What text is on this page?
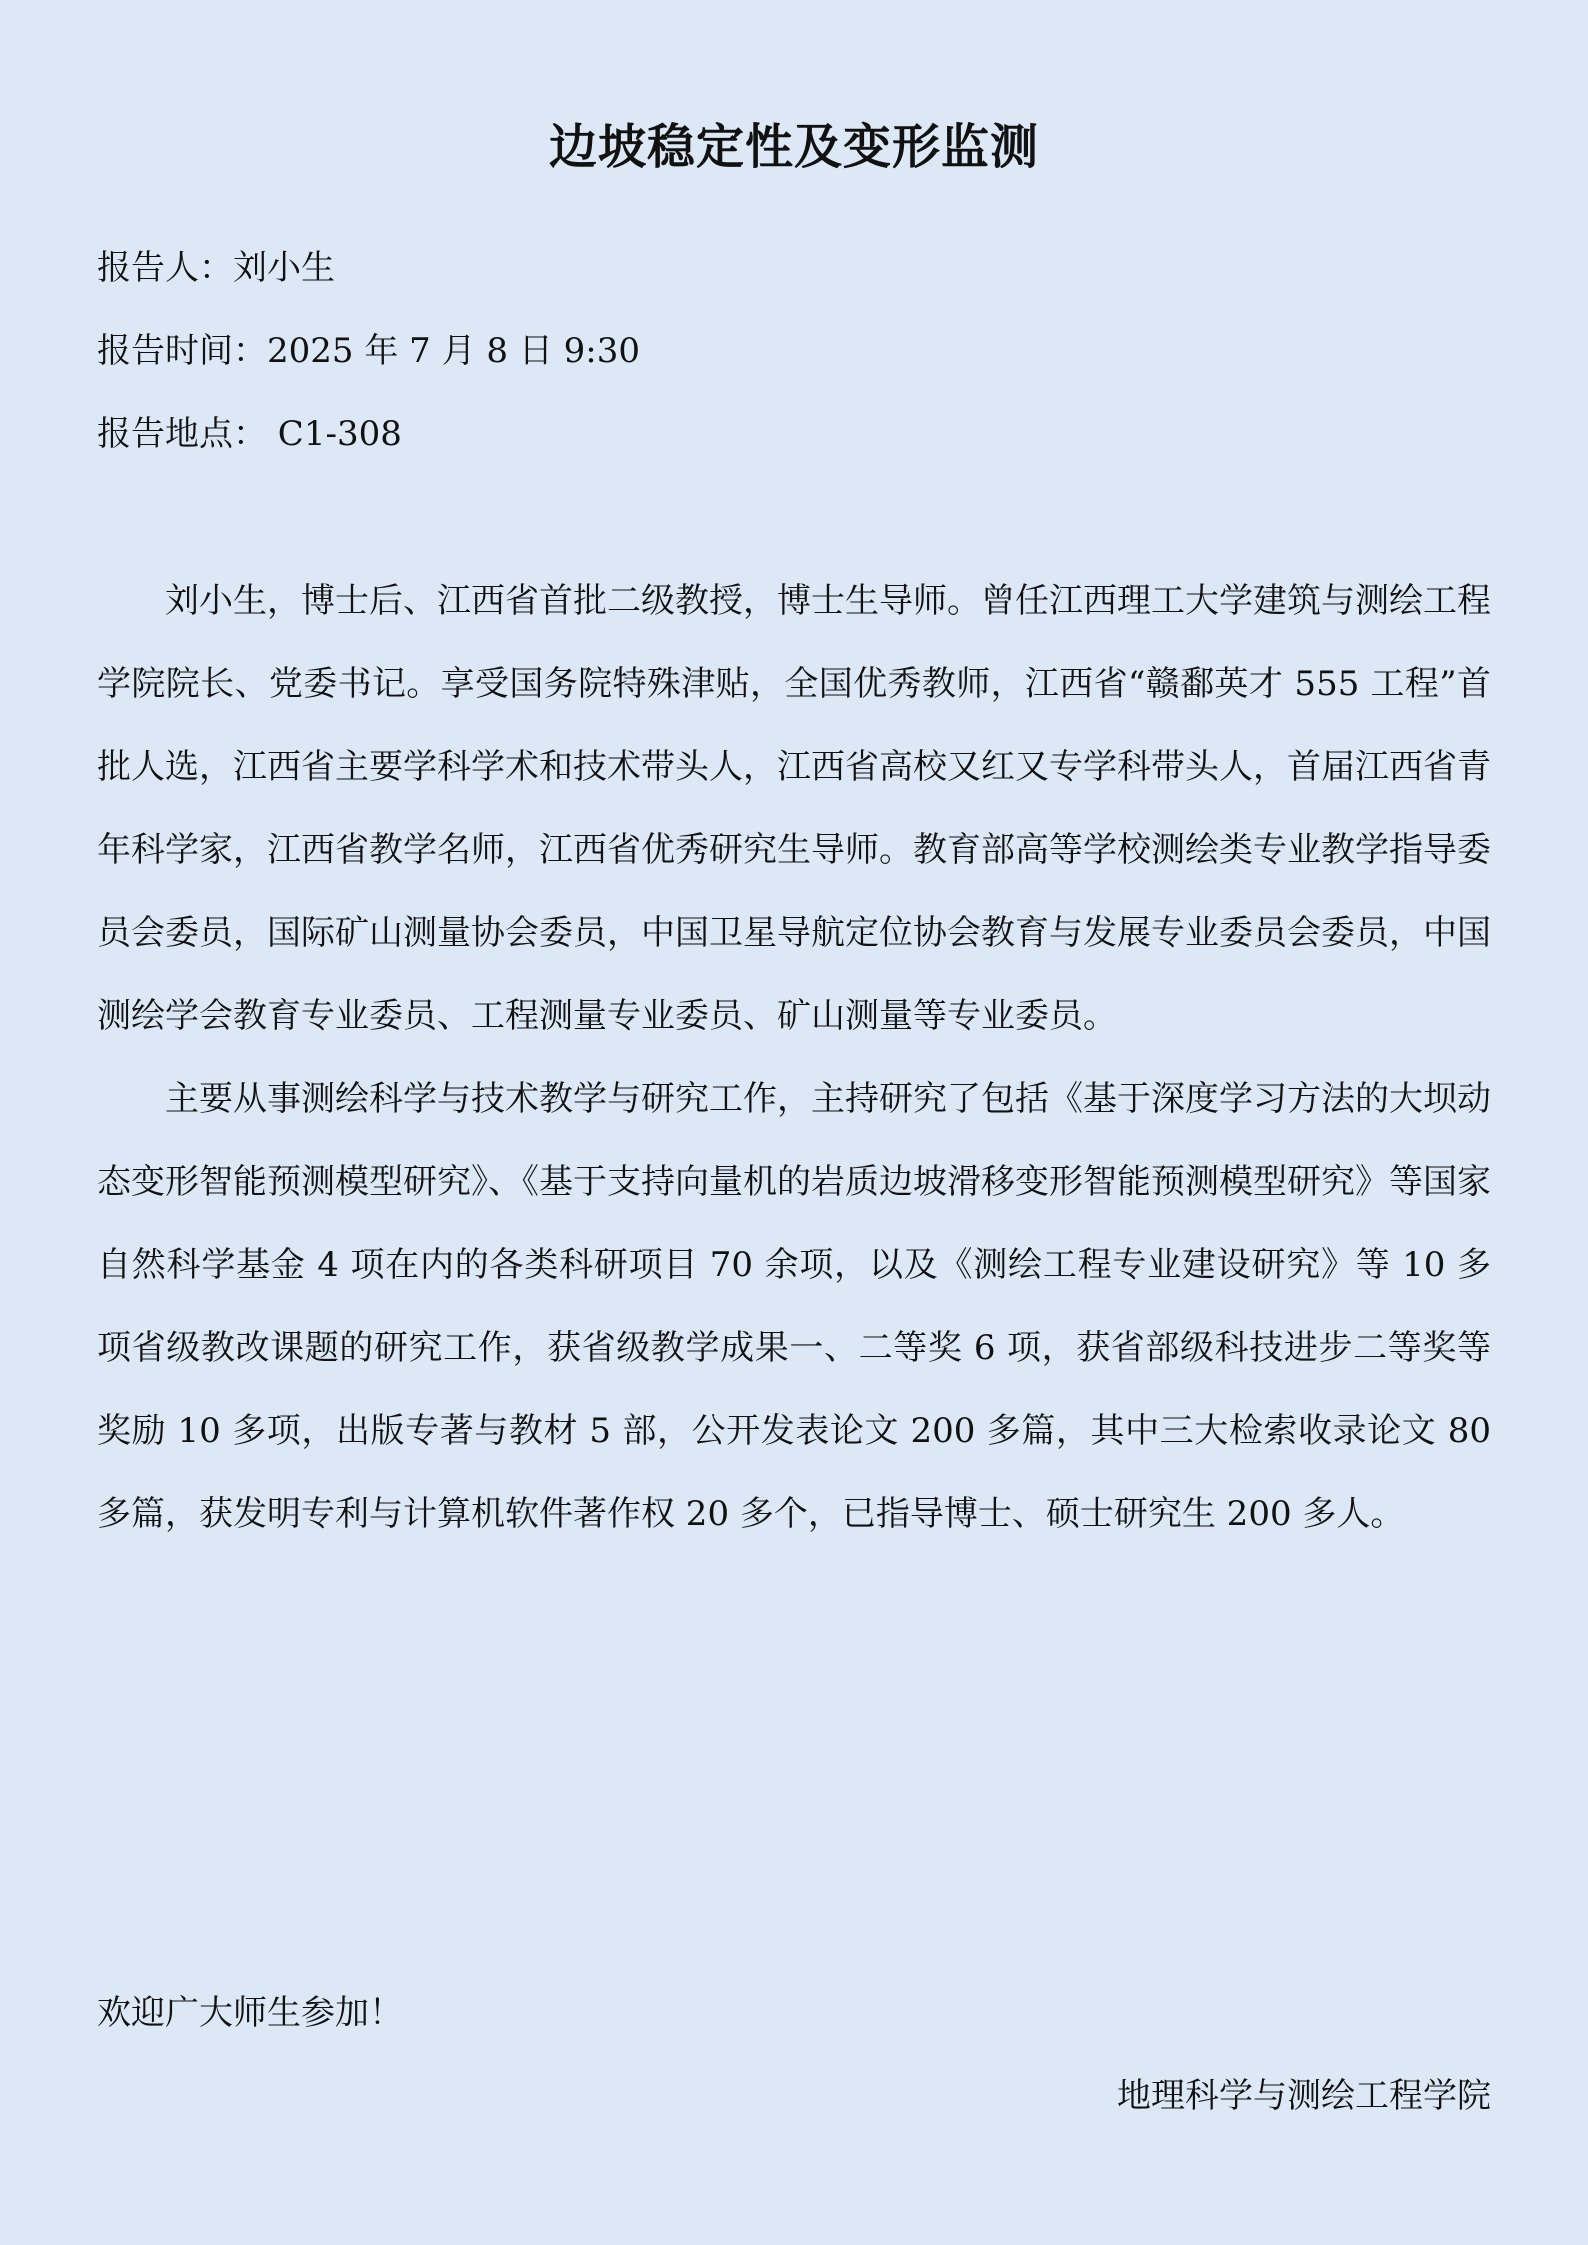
边坡稳定性及变形监测

报告人：刘小生

报告时间：2025 年 7 月 8 日 9:30

报告地点： C1-308

刘小生，博士后、江西省首批二级教授，博士生导师。曾任江西理工大学建筑与测绘工程学院院长、党委书记。享受国务院特殊津贴，全国优秀教师，江西省“赣鄱英才 555 工程”首批人选，江西省主要学科学术和技术带头人，江西省高校又红又专学科带头人，首届江西省青年科学家，江西省教学名师，江西省优秀研究生导师。教育部高等学校测绘类专业教学指导委员会委员，国际矿山测量协会委员，中国卫星导航定位协会教育与发展专业委员会委员，中国测绘学会教育专业委员、工程测量专业委员、矿山测量等专业委员。

主要从事测绘科学与技术教学与研究工作，主持研究了包括《基于深度学习方法的大坝动态变形智能预测模型研究》、《基于支持向量机的岩质边坡滑移变形智能预测模型研究》等国家自然科学基金 4 项在内的各类科研项目 70 余项，以及《测绘工程专业建设研究》等 10 多项省级教改课题的研究工作，获省级教学成果一、二等奖 6 项，获省部级科技进步二等奖等奖励 10 多项，出版专著与教材 5 部，公开发表论文 200 多篇，其中三大检索收录论文 80 多篇，获发明专利与计算机软件著作权 20 多个，已指导博士、硕士研究生 200 多人。

欢迎广大师生参加！

地理科学与测绘工程学院
